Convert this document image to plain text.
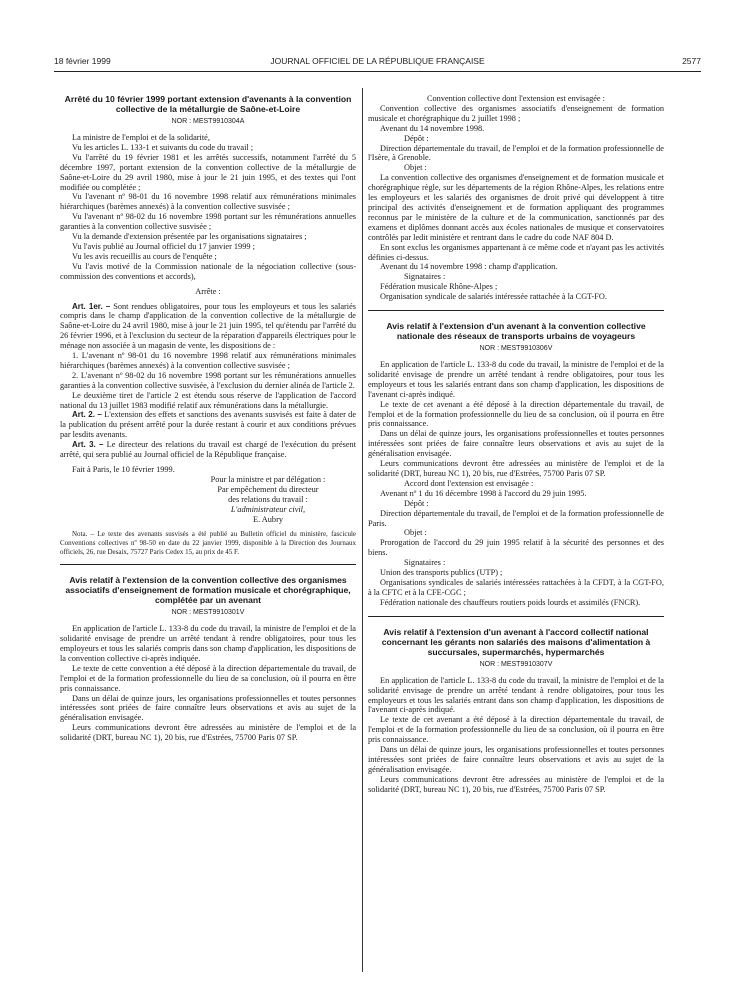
18 février 1999	JOURNAL OFFICIEL DE LA RÉPUBLIQUE FRANÇAISE	2577
Arrêté du 10 février 1999 portant extension d'avenants à la convention collective de la métallurgie de Saône-et-Loire
NOR : MEST9910304A

La ministre de l'emploi et de la solidarité,

Vu les articles L. 133-1 et suivants du code du travail ;

Vu l'arrêté du 19 février 1981 et les arrêtés successifs, notamment l'arrêté du 5 décembre 1997, portant extension de la convention collective de la métallurgie de Saône-et-Loire du 29 avril 1980, mise à jour le 21 juin 1995, et des textes qui l'ont modifiée ou complétée ;

Vu l'avenant nº 98-01 du 16 novembre 1998 relatif aux rémunérations minimales hiérarchiques (barèmes annexés) à la convention collective susvisée ;

Vu l'avenant nº 98-02 du 16 novembre 1998 portant sur les rémunérations annuelles garanties à la convention collective susvisée ;

Vu la demande d'extension présentée par les organisations signataires ;

Vu l'avis publié au Journal officiel du 17 janvier 1999 ;

Vu les avis recueillis au cours de l'enquête ;

Vu l'avis motivé de la Commission nationale de la négociation collective (sous-commission des conventions et accords),

Arrête :

Art. 1er. – Sont rendues obligatoires, pour tous les employeurs et tous les salariés compris dans le champ d'application de la convention collective de la métallurgie de Saône-et-Loire du 24 avril 1980, mise à jour le 21 juin 1995, tel qu'étendu par l'arrêté du 26 février 1996, et à l'exclusion du secteur de la réparation d'appareils électriques pour le ménage non associée à un magasin de vente, les dispositions de :

1. L'avenant nº 98-01 du 16 novembre 1998 relatif aux rémunérations minimales hiérarchiques (barèmes annexés) à la convention collective susvisée ;

2. L'avenant nº 98-02 du 16 novembre 1998 portant sur les rémunérations annuelles garanties à la convention collective susvisée, à l'exclusion du dernier alinéa de l'article 2.

Le deuxième tiret de l'article 2 est étendu sous réserve de l'application de l'accord national du 13 juillet 1983 modifié relatif aux rémunérations dans la métallurgie.

Art. 2. – L'extension des effets et sanctions des avenants susvisés est faite à dater de la publication du présent arrêté pour la durée restant à courir et aux conditions prévues par lesdits avenants.

Art. 3. – Le directeur des relations du travail est chargé de l'exécution du présent arrêté, qui sera publié au Journal officiel de la République française.

Fait à Paris, le 10 février 1999.

Pour la ministre et par délégation :
Par empêchement du directeur
des relations du travail :
L'administrateur civil,
E. Aubry

Nota. – Le texte des avenants susvisés a été publié au Bulletin officiel du ministère, fascicule Conventions collectives nº 98-50 en date du 22 janvier 1999, disponible à la Direction des Journaux officiels, 26, rue Desaix, 75727 Paris Cedex 15, au prix de 45 F.

Avis relatif à l'extension de la convention collective des organismes associatifs d'enseignement de formation musicale et chorégraphique, complétée par un avenant
NOR : MEST9910301V

En application de l'article L. 133-8 du code du travail, la ministre de l'emploi et de la solidarité envisage de prendre un arrêté tendant à rendre obligatoires, pour tous les employeurs et tous les salariés compris dans son champ d'application, les dispositions de la convention collective ci-après indiquée.

Le texte de cette convention a été déposé à la direction départementale du travail, de l'emploi et de la formation professionnelle du lieu de sa conclusion, où il pourra en être pris connaissance.

Dans un délai de quinze jours, les organisations professionnelles et toutes personnes intéressées sont priées de faire connaître leurs observations et avis au sujet de la généralisation envisagée.

Leurs communications devront être adressées au ministère de l'emploi et de la solidarité (DRT, bureau NC 1), 20 bis, rue d'Estrées, 75700 Paris 07 SP.

Convention collective dont l'extension est envisagée :

Convention collective des organismes associatifs d'enseignement de formation musicale et chorégraphique du 2 juillet 1998 ;

Avenant du 14 novembre 1998.

Dépôt :

Direction départementale du travail, de l'emploi et de la formation professionnelle de l'Isère, à Grenoble.

Objet :

La convention collective des organismes d'enseignement et de formation musicale et chorégraphique règle, sur les départements de la région Rhône-Alpes, les relations entre les employeurs et les salariés des organismes de droit privé qui développent à titre principal des activités d'enseignement et de formation appliquant des programmes reconnus par le ministère de la culture et de la communication, sanctionnés par des examens et diplômes donnant accès aux écoles nationales de musique et conservatoires contrôlés par ledit ministère et rentrant dans le cadre du code NAF 804 D.

En sont exclus les organismes appartenant à ce même code et n'ayant pas les activités définies ci-dessus.

Avenant du 14 novembre 1998 : champ d'application.

Signataires :

Fédération musicale Rhône-Alpes ;

Organisation syndicale de salariés intéressée rattachée à la CGT-FO.

Avis relatif à l'extension d'un avenant à la convention collective nationale des réseaux de transports urbains de voyageurs
NOR : MEST9910306V

En application de l'article L. 133-8 du code du travail, la ministre de l'emploi et de la solidarité envisage de prendre un arrêté tendant à rendre obligatoires, pour tous les employeurs et tous les salariés entrant dans son champ d'application, les dispositions de l'avenant ci-après indiqué.

Le texte de cet avenant a été déposé à la direction départementale du travail, de l'emploi et de la formation professionnelle du lieu de sa conclusion, où il pourra en être pris connaissance.

Dans un délai de quinze jours, les organisations professionnelles et toutes personnes intéressées sont priées de faire connaître leurs observations et avis au sujet de la généralisation envisagée.

Leurs communications devront être adressées au ministère de l'emploi et de la solidarité (DRT, bureau NC 1), 20 bis, rue d'Estrées, 75700 Paris 07 SP.

Accord dont l'extension est envisagée :

Avenant nº 1 du 16 décembre 1998 à l'accord du 29 juin 1995.

Dépôt :

Direction départementale du travail, de l'emploi et de la formation professionnelle de Paris.

Objet :

Prorogation de l'accord du 29 juin 1995 relatif à la sécurité des personnes et des biens.

Signataires :

Union des transports publics (UTP) ;

Organisations syndicales de salariés intéressées rattachées à la CFDT, à la CGT-FO, à la CFTC et à la CFE-CGC ;

Fédération nationale des chauffeurs routiers poids lourds et assimilés (FNCR).

Avis relatif à l'extension d'un avenant à l'accord collectif national concernant les gérants non salariés des maisons d'alimentation à succursales, supermarchés, hypermarchés
NOR : MEST9910307V

En application de l'article L. 133-8 du code du travail, la ministre de l'emploi et de la solidarité envisage de prendre un arrêté tendant à rendre obligatoires, pour tous les employeurs et tous les salariés entrant dans son champ d'application, les dispositions de l'avenant ci-après indiqué.

Le texte de cet avenant a été déposé à la direction départementale du travail, de l'emploi et de la formation professionnelle du lieu de sa conclusion, où il pourra en être pris connaissance.

Dans un délai de quinze jours, les organisations professionnelles et toutes personnes intéressées sont priées de faire connaître leurs observations et avis au sujet de la généralisation envisagée.

Leurs communications devront être adressées au ministère de l'emploi et de la solidarité (DRT, bureau NC 1), 20 bis, rue d'Estrées, 75700 Paris 07 SP.
